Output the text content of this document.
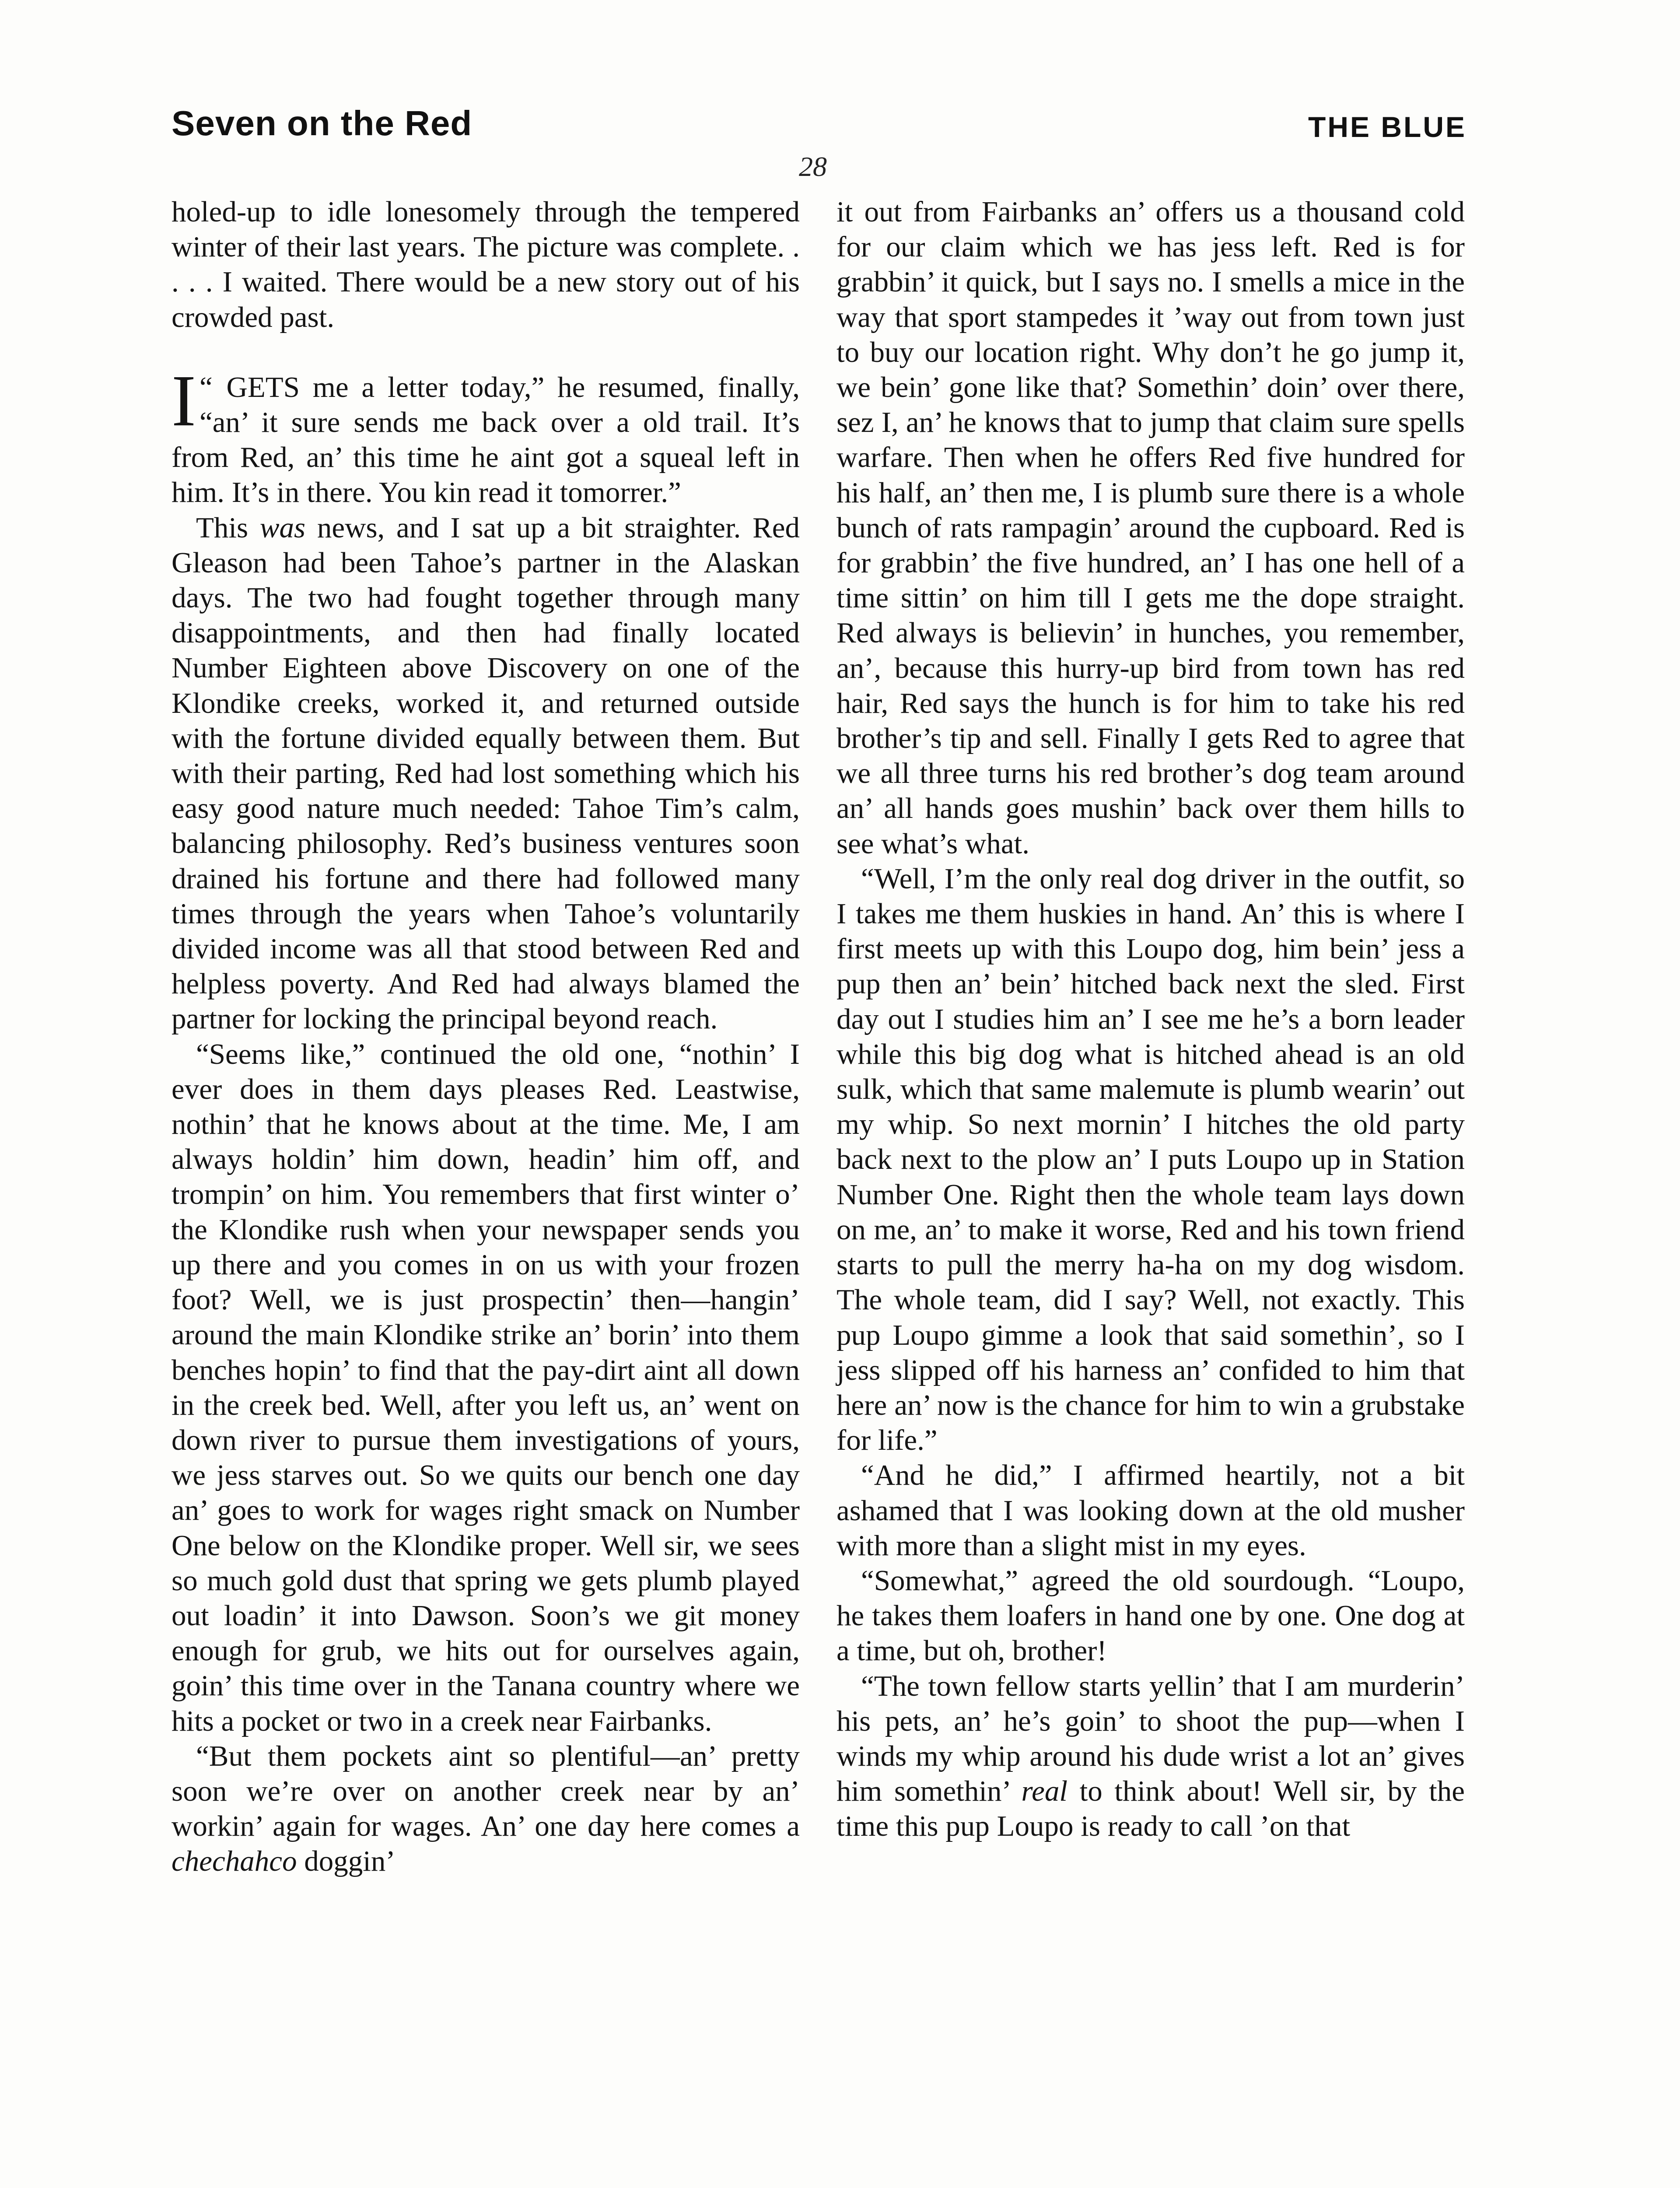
Seven on the Red	THE BLUE
28

holed-up to idle lonesomely through the tempered winter of their last years. The picture was complete. . . . . I waited. There would be a new story out of his crowded past.

“
I GETS me a letter today,” he resumed, finally, “an’ it sure sends me back over a old trail. It’s from Red, an’ this time he aint got a squeal left in him. It’s in there. You kin read it tomorrer.”

This was news, and I sat up a bit straighter. Red Gleason had been Tahoe’s partner in the Alaskan days. The two had fought together through many disappointments, and then had finally located Number Eighteen above Discovery on one of the Klondike creeks, worked it, and returned outside with the fortune divided equally between them. But with their parting, Red had lost something which his easy good nature much needed: Tahoe Tim’s calm, balancing philosophy. Red’s business ventures soon drained his fortune and there had followed many times through the years when Tahoe’s voluntarily divided income was all that stood between Red and helpless poverty. And Red had always blamed the partner for locking the principal beyond reach.

“Seems like,” continued the old one, “nothin’ I ever does in them days pleases Red. Leastwise, nothin’ that he knows about at the time. Me, I am always holdin’ him down, headin’ him off, and trompin’ on him. You remembers that first winter o’ the Klondike rush when your newspaper sends you up there and you comes in on us with your frozen foot? Well, we is just prospectin’ then—hangin’ around the main Klondike strike an’ borin’ into them benches hopin’ to find that the pay-dirt aint all down in the creek bed. Well, after you left us, an’ went on down river to pursue them investigations of yours, we jess starves out. So we quits our bench one day an’ goes to work for wages right smack on Number One below on the Klondike proper. Well sir, we sees so much gold dust that spring we gets plumb played out loadin’ it into Dawson. Soon’s we git money enough for grub, we hits out for ourselves again, goin’ this time over in the Tanana country where we hits a pocket or two in a creek near Fairbanks.

“But them pockets aint so plentiful—an’ pretty soon we’re over on another creek near by an’ workin’ again for wages. An’ one day here comes a chechahco doggin’

it out from Fairbanks an’ offers us a thousand cold for our claim which we has jess left. Red is for grabbin’ it quick, but I says no. I smells a mice in the way that sport stampedes it ’way out from town just to buy our location right. Why don’t he go jump it, we bein’ gone like that? Somethin’ doin’ over there, sez I, an’ he knows that to jump that claim sure spells warfare. Then when he offers Red five hundred for his half, an’ then me, I is plumb sure there is a whole bunch of rats rampagin’ around the cupboard. Red is for grabbin’ the five hundred, an’ I has one hell of a time sittin’ on him till I gets me the dope straight. Red always is believin’ in hunches, you remember, an’, because this hurry-up bird from town has red hair, Red says the hunch is for him to take his red brother’s tip and sell. Finally I gets Red to agree that we all three turns his red brother’s dog team around an’ all hands goes mushin’ back over them hills to see what’s what.

“Well, I’m the only real dog driver in the outfit, so I takes me them huskies in hand. An’ this is where I first meets up with this Loupo dog, him bein’ jess a pup then an’ bein’ hitched back next the sled. First day out I studies him an’ I see me he’s a born leader while this big dog what is hitched ahead is an old sulk, which that same malemute is plumb wearin’ out my whip. So next mornin’ I hitches the old party back next to the plow an’ I puts Loupo up in Station Number One. Right then the whole team lays down on me, an’ to make it worse, Red and his town friend starts to pull the merry ha-ha on my dog wisdom. The whole team, did I say? Well, not exactly. This pup Loupo gimme a look that said somethin’, so I jess slipped off his harness an’ confided to him that here an’ now is the chance for him to win a grubstake for life.”

“And he did,” I affirmed heartily, not a bit ashamed that I was looking down at the old musher with more than a slight mist in my eyes.

“Somewhat,” agreed the old sourdough. “Loupo, he takes them loafers in hand one by one. One dog at a time, but oh, brother!

“The town fellow starts yellin’ that I am murderin’ his pets, an’ he’s goin’ to shoot the pup—when I winds my whip around his dude wrist a lot an’ gives him somethin’ real to think about! Well sir, by the time this pup Loupo is ready to call ’on that
